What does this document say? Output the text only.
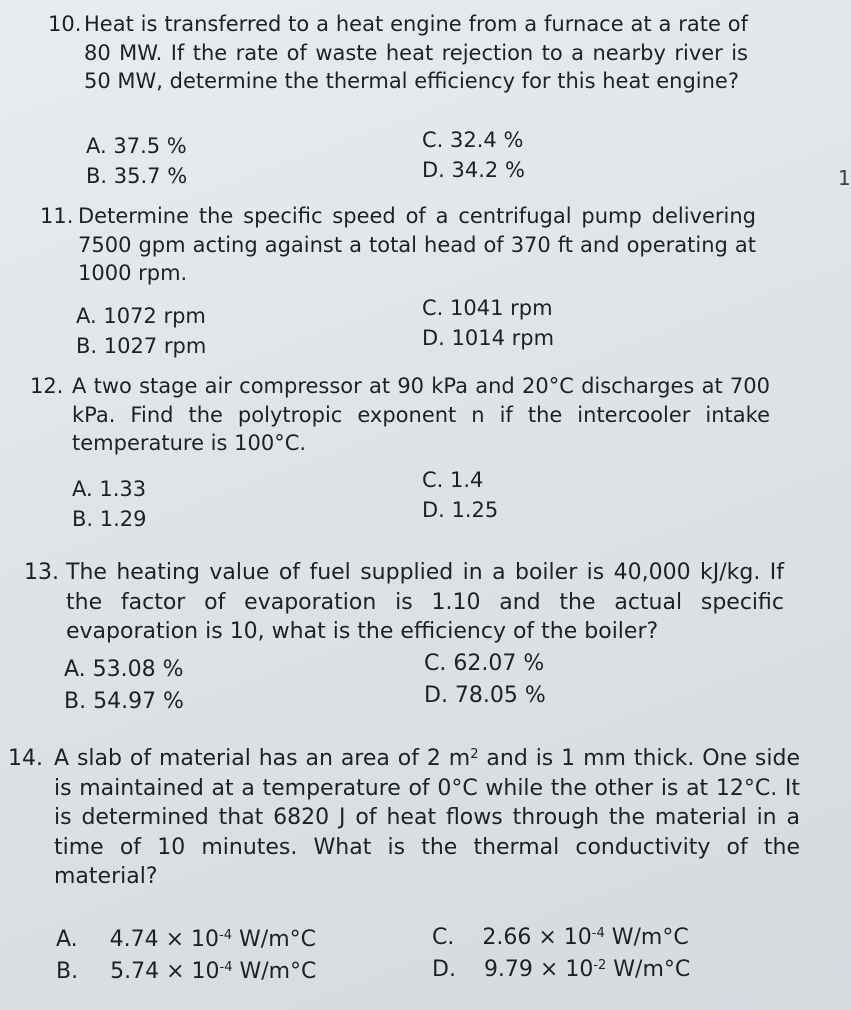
10. Heat is transferred to a heat engine from a furnace at a rate of 80 MW. If the rate of waste heat rejection to a nearby river is 50 MW, determine the thermal efficiency for this heat engine?
A. 37.5 %	C. 32.4 %
B. 35.7 %	D. 34.2 %	1
11. Determine the specific speed of a centrifugal pump delivering 7500 gpm acting against a total head of 370 ft and operating at 1000 rpm.
A. 1072 rpm	C. 1041 rpm
B. 1027 rpm	D. 1014 rpm
12. A two stage air compressor at 90 kPa and 20°C discharges at 700 kPa. Find the polytropic exponent n if the intercooler intake temperature is 100°C.
A. 1.33	C. 1.4
B. 1.29	D. 1.25
13. The heating value of fuel supplied in a boiler is 40,000 kJ/kg. If the factor of evaporation is 1.10 and the actual specific evaporation is 10, what is the efficiency of the boiler?
A. 53.08 %	C. 62.07 %
B. 54.97 %	D. 78.05 %
14. A slab of material has an area of 2 $m^2$ and is 1 mm thick. One side is maintained at a temperature of 0°C while the other is at 12°C. It is determined that 6820 J of heat flows through the material in a time of 10 minutes. What is the thermal conductivity of the material?
A. $4.74 \times 10^{-4}$ W/m°C	C. $2.66 \times 10^{-4}$ W/m°C
B. $5.74 \times 10^{-4}$ W/m°C	D. $9.79 \times 10^{-2}$ W/m°C
